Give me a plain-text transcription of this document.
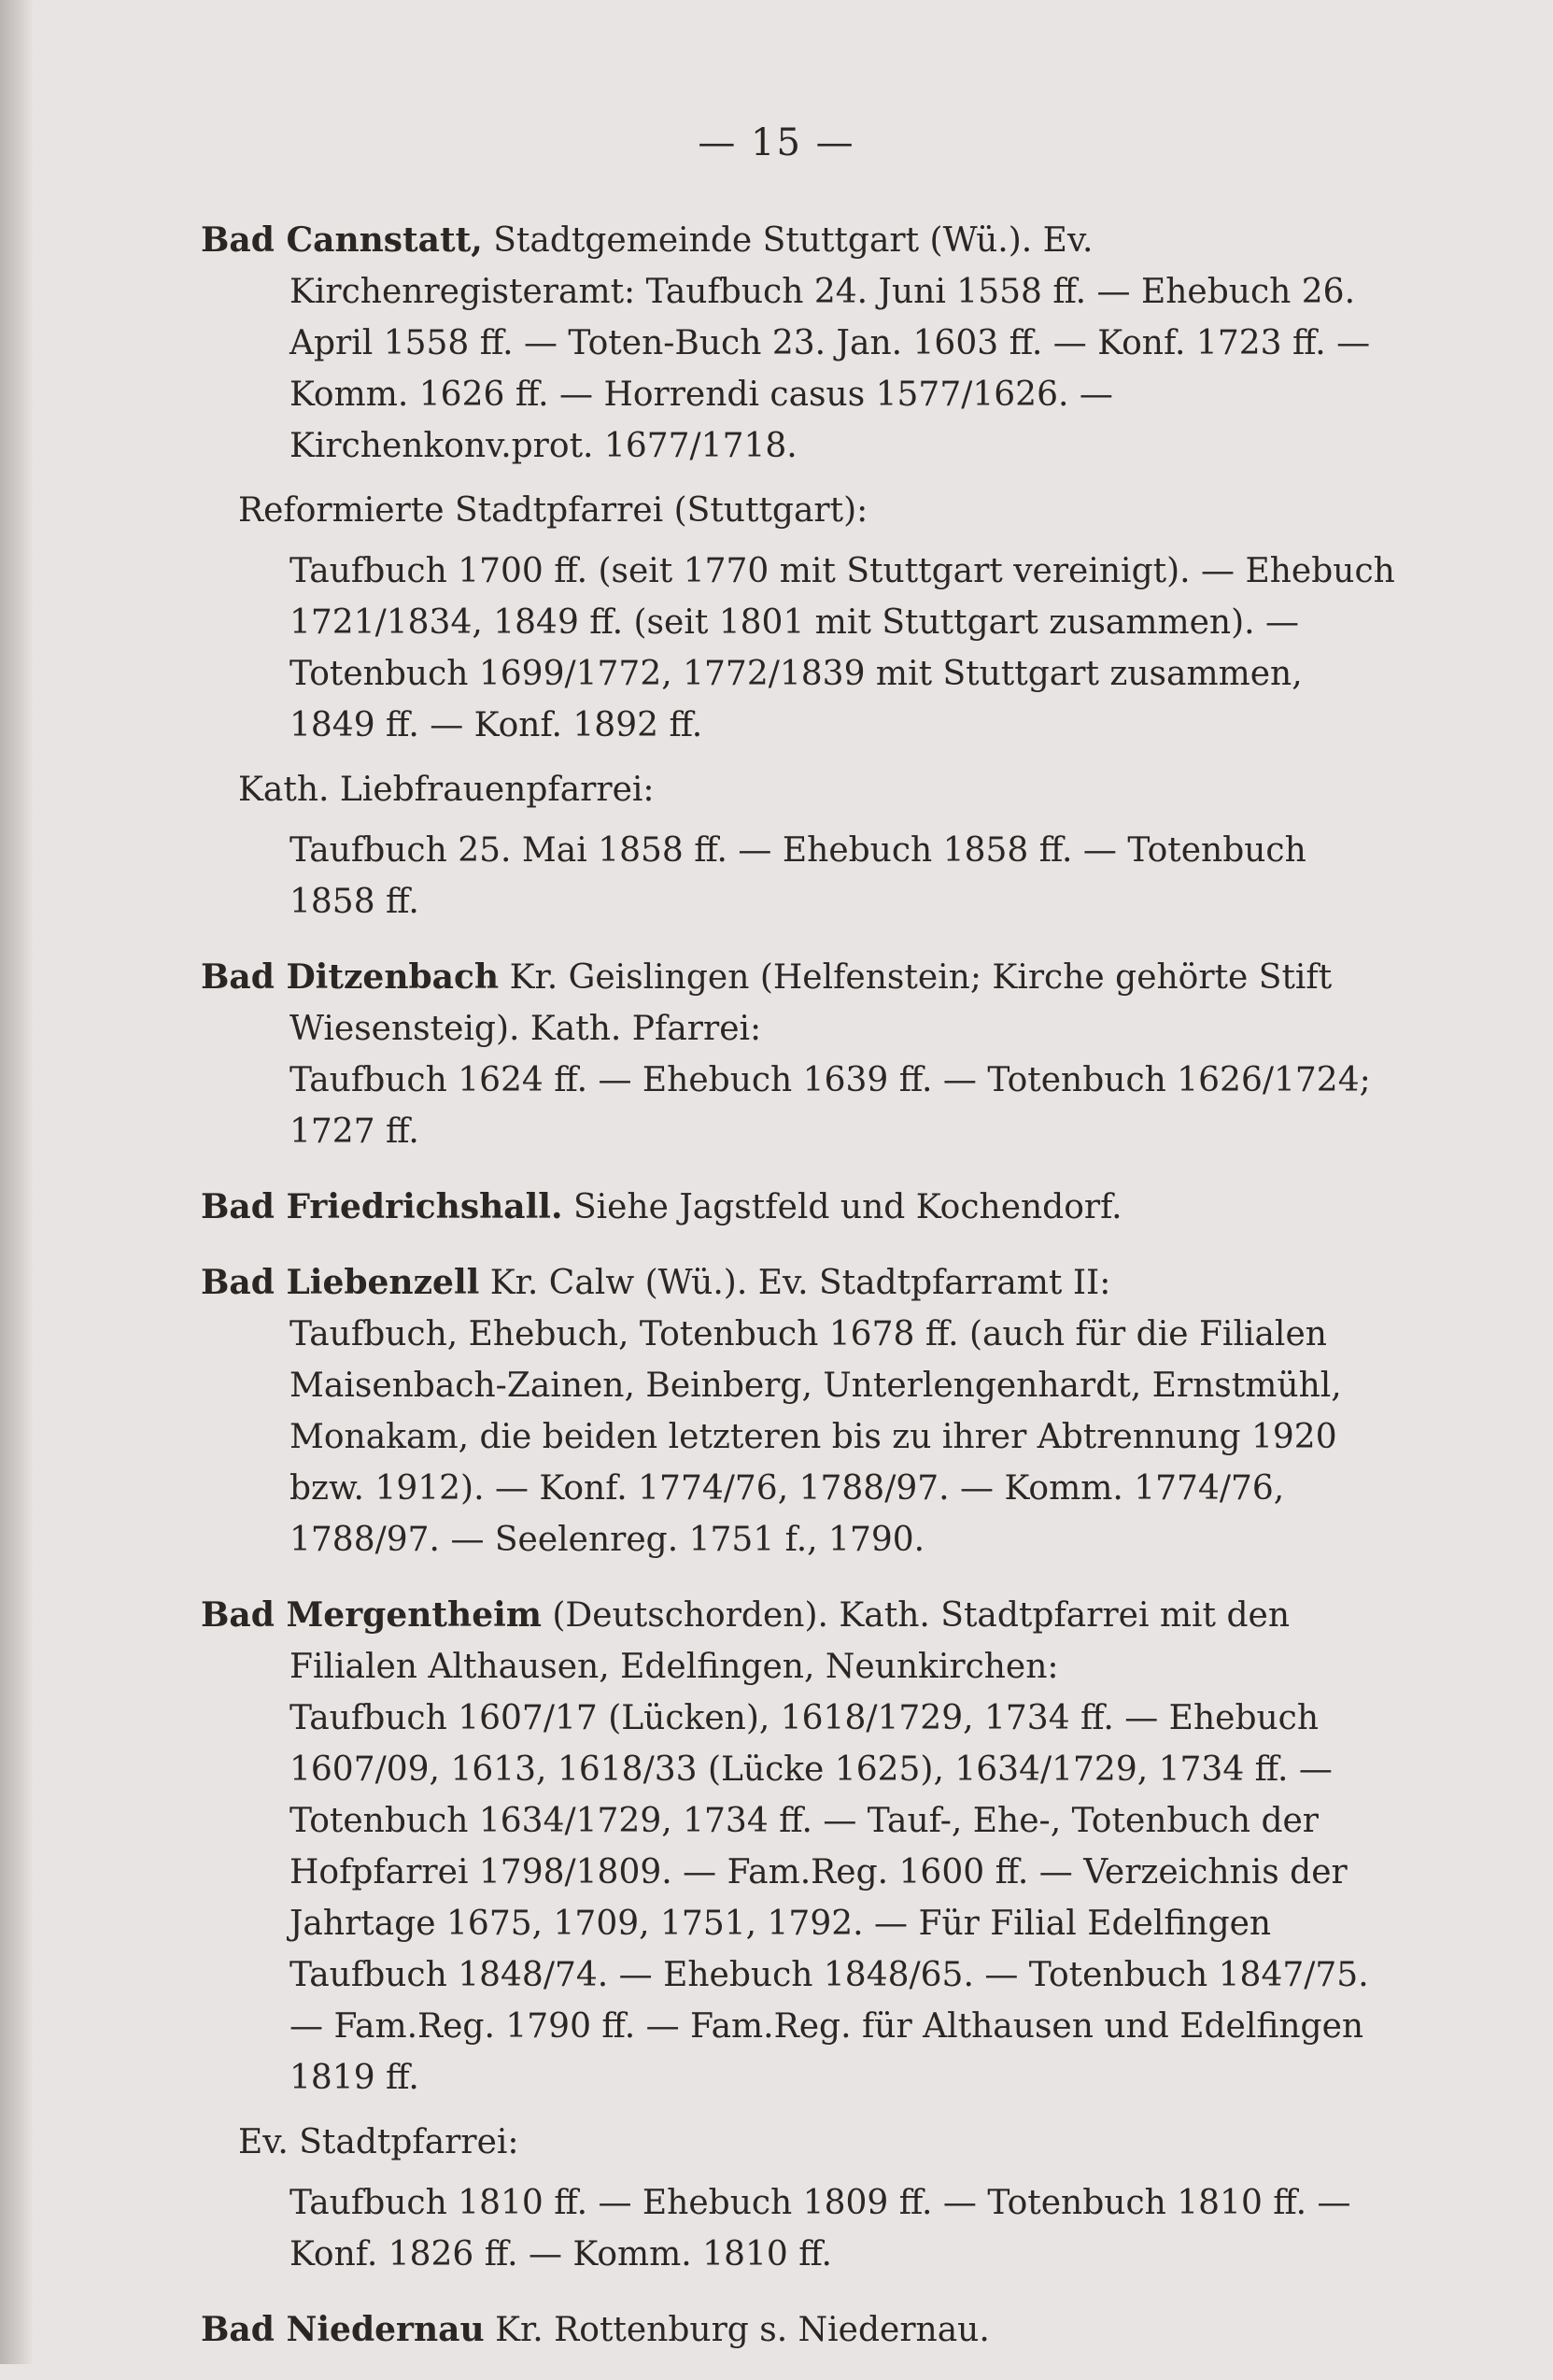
— 15 —
Bad Cannstatt, Stadtgemeinde Stuttgart (Wü.). Ev. Kirchenregisteramt: Taufbuch 24. Juni 1558 ff. — Ehebuch 26. April 1558 ff. — Toten-Buch 23. Jan. 1603 ff. — Konf. 1723 ff. — Komm. 1626 ff. — Horrendi casus 1577/1626. — Kirchenkonv.prot. 1677/1718.
Reformierte Stadtpfarrei (Stuttgart):
Taufbuch 1700 ff. (seit 1770 mit Stuttgart vereinigt). — Ehebuch 1721/1834, 1849 ff. (seit 1801 mit Stuttgart zusammen). — Totenbuch 1699/1772, 1772/1839 mit Stuttgart zusammen, 1849 ff. — Konf. 1892 ff.
Kath. Liebfrauenpfarrei:
Taufbuch 25. Mai 1858 ff. — Ehebuch 1858 ff. — Totenbuch 1858 ff.
Bad Ditzenbach Kr. Geislingen (Helfenstein; Kirche gehörte Stift Wiesensteig). Kath. Pfarrei:
Taufbuch 1624 ff. — Ehebuch 1639 ff. — Totenbuch 1626/1724; 1727 ff.
Bad Friedrichshall. Siehe Jagstfeld und Kochendorf.
Bad Liebenzell Kr. Calw (Wü.). Ev. Stadtpfarramt II:
Taufbuch, Ehebuch, Totenbuch 1678 ff. (auch für die Filialen Maisenbach-Zainen, Beinberg, Unterlengenhardt, Ernstmühl, Monakam, die beiden letzteren bis zu ihrer Abtrennung 1920 bzw. 1912). — Konf. 1774/76, 1788/97. — Komm. 1774/76, 1788/97. — Seelenreg. 1751 f., 1790.
Bad Mergentheim (Deutschorden). Kath. Stadtpfarrei mit den Filialen Althausen, Edelfingen, Neunkirchen:
Taufbuch 1607/17 (Lücken), 1618/1729, 1734 ff. — Ehebuch 1607/09, 1613, 1618/33 (Lücke 1625), 1634/1729, 1734 ff. — Totenbuch 1634/1729, 1734 ff. — Tauf-, Ehe-, Totenbuch der Hofpfarrei 1798/1809. — Fam.Reg. 1600 ff. — Verzeichnis der Jahrtage 1675, 1709, 1751, 1792. — Für Filial Edelfingen Taufbuch 1848/74. — Ehebuch 1848/65. — Totenbuch 1847/75. — Fam.Reg. 1790 ff. — Fam.Reg. für Althausen und Edelfingen 1819 ff.
Ev. Stadtpfarrei:
Taufbuch 1810 ff. — Ehebuch 1809 ff. — Totenbuch 1810 ff. — Konf. 1826 ff. — Komm. 1810 ff.
Bad Niedernau Kr. Rottenburg s. Niedernau.
